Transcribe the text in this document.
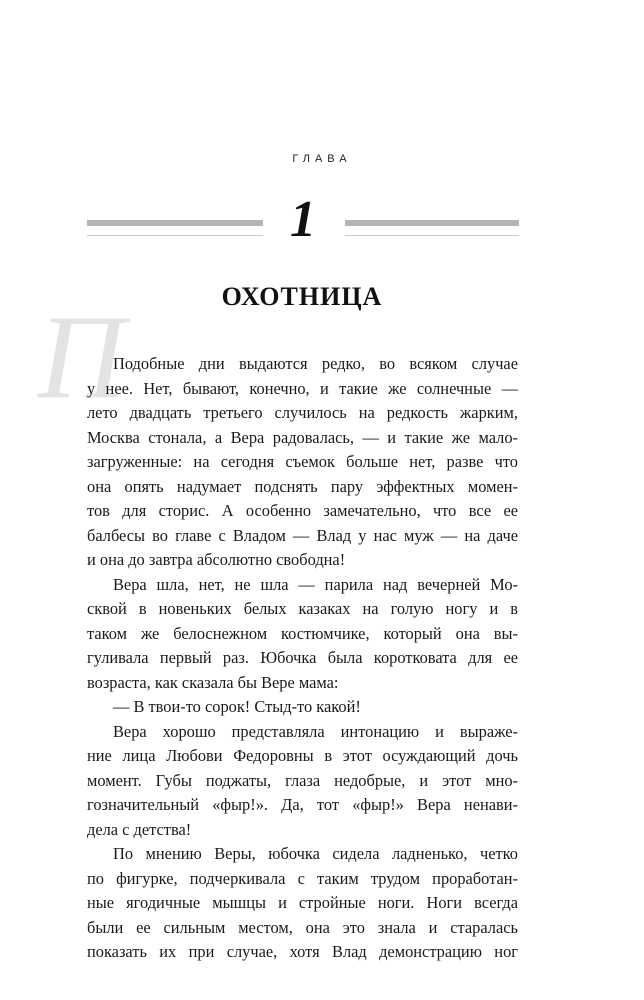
ГЛАВА
1
ОХОТНИЦА
П
Подобные дни выдаются редко, во всяком случае
у нее. Нет, бывают, конечно, и такие же солнечные —
лето двадцать третьего случилось на редкость жарким,
Москва стонала, а Вера радовалась, — и такие же мало-
загруженные: на сегодня съемок больше нет, разве что
она опять надумает подснять пару эффектных момен-
тов для сторис. А особенно замечательно, что все ее
балбесы во главе с Владом — Влад у нас муж — на даче
и она до завтра абсолютно свободна!
Вера шла, нет, не шла — парила над вечерней Мо-
сквой в новеньких белых казаках на голую ногу и в
таком же белоснежном костюмчике, который она вы-
гуливала первый раз. Юбочка была коротковата для ее
возраста, как сказала бы Вере мама:
— В твои-то сорок! Стыд-то какой!
Вера хорошо представляла интонацию и выраже-
ние лица Любови Федоровны в этот осуждающий дочь
момент. Губы поджаты, глаза недобрые, и этот мно-
гозначительный «фыр!». Да, тот «фыр!» Вера ненави-
дела с детства!
По мнению Веры, юбочка сидела ладненько, четко
по фигурке, подчеркивала с таким трудом проработан-
ные ягодичные мышцы и стройные ноги. Ноги всегда
были ее сильным местом, она это знала и старалась
показать их при случае, хотя Влад демонстрацию ног
